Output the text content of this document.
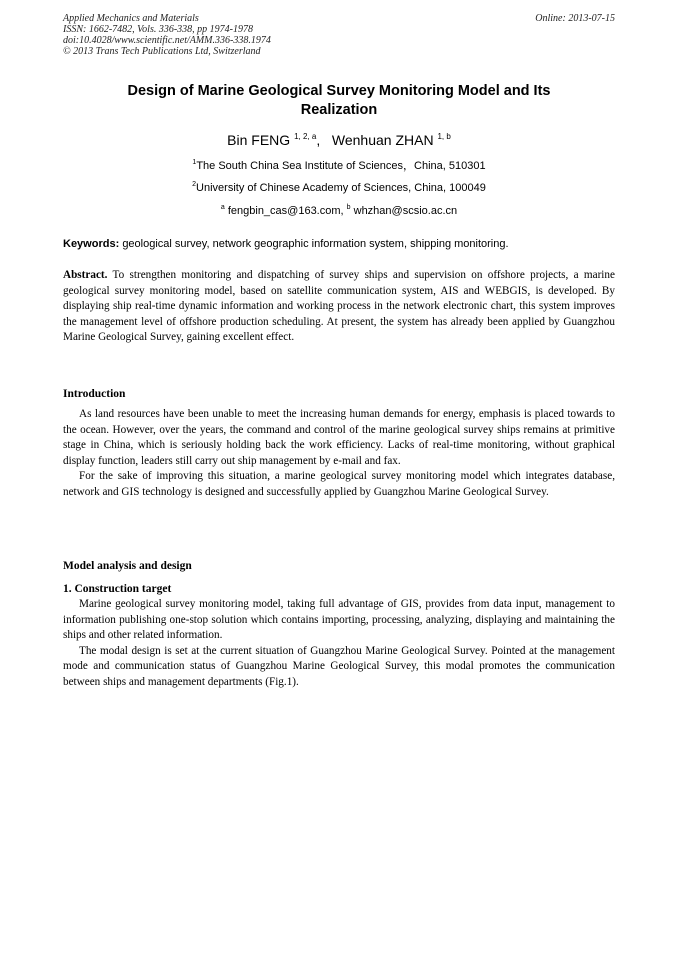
Applied Mechanics and Materials
ISSN: 1662-7482, Vols. 336-338, pp 1974-1978
doi:10.4028/www.scientific.net/AMM.336-338.1974
© 2013 Trans Tech Publications Ltd, Switzerland
Online: 2013-07-15
Design of Marine Geological Survey Monitoring Model and Its
Realization
Bin FENG $^{1, 2, a}$, Wenhuan ZHAN $^{1, b}$
$^1$The South China Sea Institute of Sciences，China, 510301
$^2$University of Chinese Academy of Sciences, China, 100049
$^a$ fengbin_cas@163.com, $^b$ whzhan@scsio.ac.cn
Keywords: geological survey, network geographic information system, shipping monitoring.

Abstract. To strengthen monitoring and dispatching of survey ships and supervision on offshore projects, a marine geological survey monitoring model, based on satellite communication system, AIS and WEBGIS, is developed. By displaying ship real-time dynamic information and working process in the network electronic chart, this system improves the management level of offshore production scheduling. At present, the system has already been applied by Guangzhou Marine Geological Survey, gaining excellent effect.

Introduction

As land resources have been unable to meet the increasing human demands for energy, emphasis is placed towards to the ocean. However, over the years, the command and control of the marine geological survey ships remains at primitive stage in China, which is seriously holding back the work efficiency. Lacks of real-time monitoring, without graphical display function, leaders still carry out ship management by e-mail and fax.

For the sake of improving this situation, a marine geological survey monitoring model which integrates database, network and GIS technology is designed and successfully applied by Guangzhou Marine Geological Survey.

Model analysis and design
1. Construction target

Marine geological survey monitoring model, taking full advantage of GIS, provides from data input, management to information publishing one-stop solution which contains importing, processing, analyzing, displaying and maintaining the ships and other related information.

The modal design is set at the current situation of Guangzhou Marine Geological Survey. Pointed at the management mode and communication status of Guangzhou Marine Geological Survey, this modal promotes the communication between ships and management departments (Fig.1).
